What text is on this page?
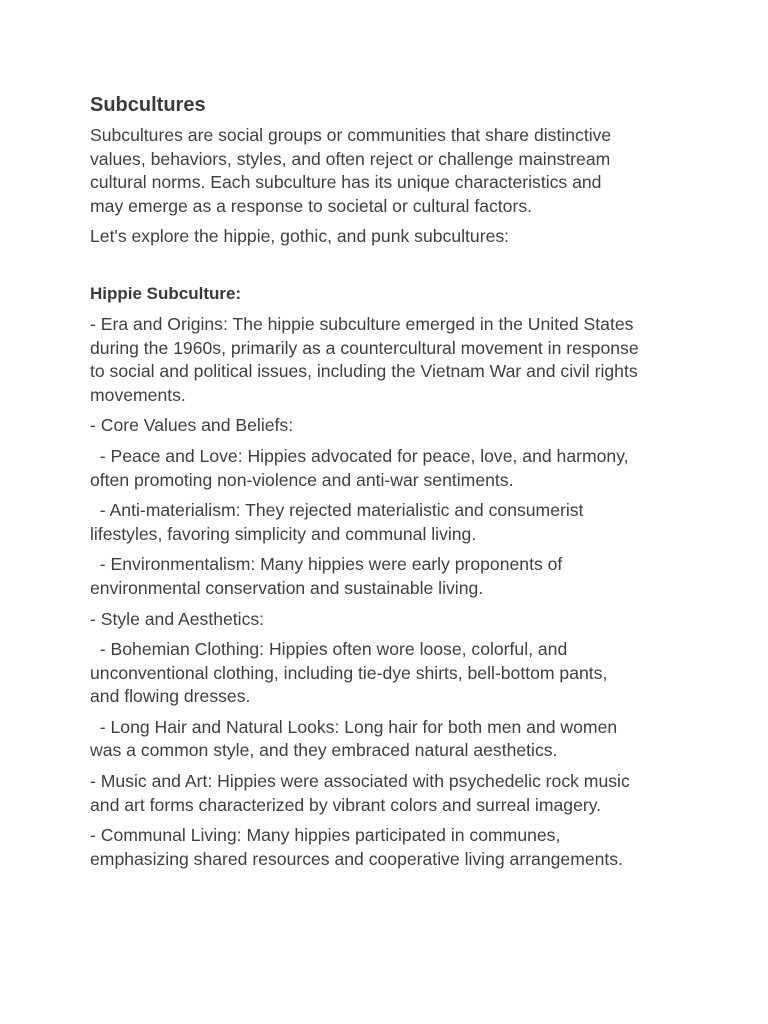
Subcultures
Subcultures are social groups or communities that share distinctive
values, behaviors, styles, and often reject or challenge mainstream
cultural norms. Each subculture has its unique characteristics and
may emerge as a response to societal or cultural factors.
Let's explore the hippie, gothic, and punk subcultures:
Hippie Subculture:
- Era and Origins: The hippie subculture emerged in the United States
during the 1960s, primarily as a countercultural movement in response
to social and political issues, including the Vietnam War and civil rights
movements.
- Core Values and Beliefs:
- Peace and Love: Hippies advocated for peace, love, and harmony,
often promoting non-violence and anti-war sentiments.
- Anti-materialism: They rejected materialistic and consumerist
lifestyles, favoring simplicity and communal living.
- Environmentalism: Many hippies were early proponents of
environmental conservation and sustainable living.
- Style and Aesthetics:
- Bohemian Clothing: Hippies often wore loose, colorful, and
unconventional clothing, including tie-dye shirts, bell-bottom pants,
and flowing dresses.
- Long Hair and Natural Looks: Long hair for both men and women
was a common style, and they embraced natural aesthetics.
- Music and Art: Hippies were associated with psychedelic rock music
and art forms characterized by vibrant colors and surreal imagery.
- Communal Living: Many hippies participated in communes,
emphasizing shared resources and cooperative living arrangements.
